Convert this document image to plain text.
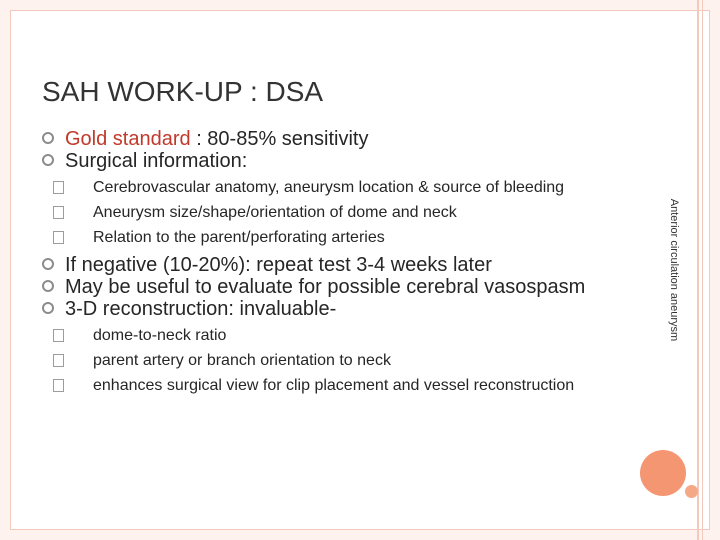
SAH WORK-UP : DSA

Gold standard : 80-85% sensitivity

Surgical information:

Cerebrovascular anatomy, aneurysm location & source of bleeding

Aneurysm size/shape/orientation of dome and neck

Relation to the parent/perforating arteries

If negative (10-20%): repeat test 3-4 weeks later

May be useful to evaluate for possible cerebral vasospasm

3-D reconstruction: invaluable-

dome-to-neck ratio

parent artery or branch orientation to neck

enhances surgical view for clip placement and vessel reconstruction

Anterior circulation aneurysm
